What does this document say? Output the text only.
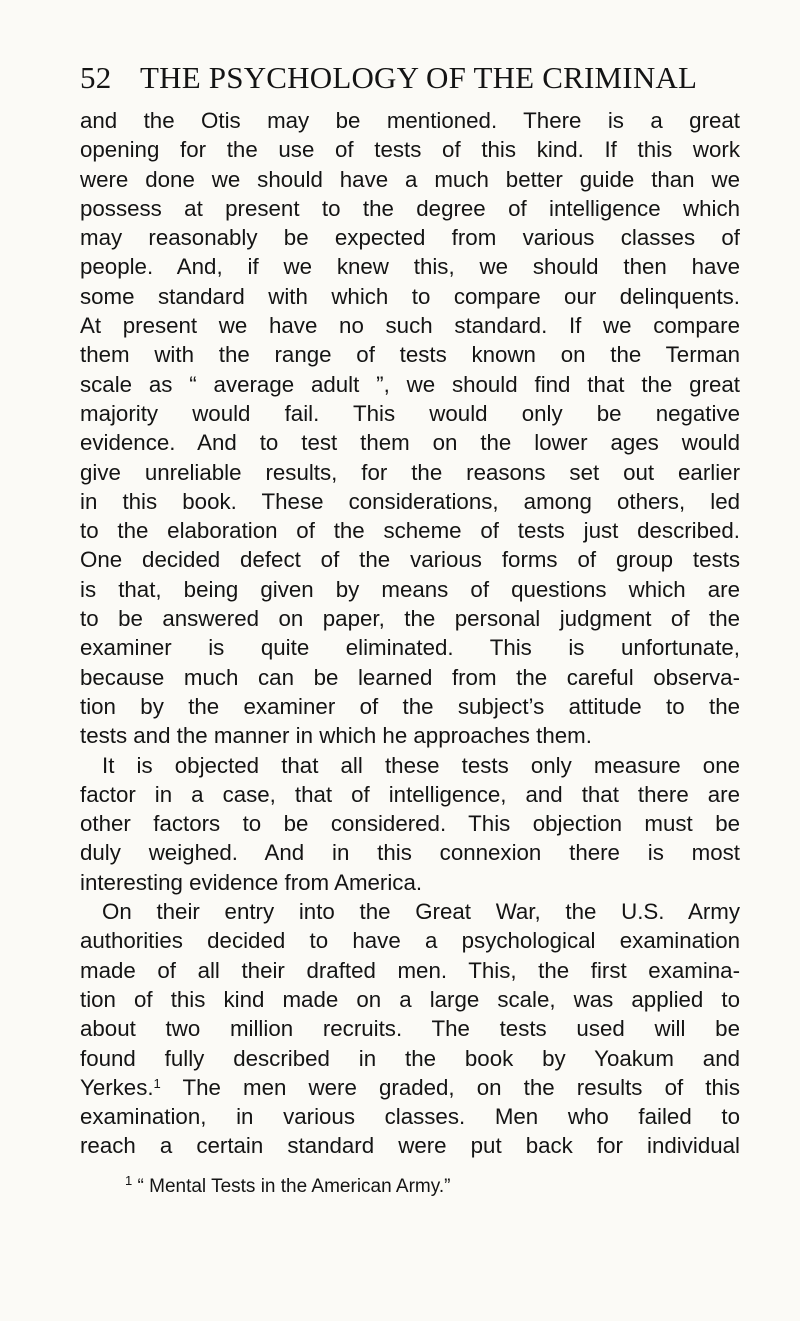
52 THE PSYCHOLOGY OF THE CRIMINAL
and the Otis may be mentioned. There is a great
opening for the use of tests of this kind. If this work
were done we should have a much better guide than we
possess at present to the degree of intelligence which
may reasonably be expected from various classes of
people. And, if we knew this, we should then have
some standard with which to compare our delinquents.
At present we have no such standard. If we compare
them with the range of tests known on the Terman
scale as “ average adult ”, we should find that the great
majority would fail. This would only be negative
evidence. And to test them on the lower ages would
give unreliable results, for the reasons set out earlier
in this book. These considerations, among others, led
to the elaboration of the scheme of tests just described.
One decided defect of the various forms of group tests
is that, being given by means of questions which are
to be answered on paper, the personal judgment of the
examiner is quite eliminated. This is unfortunate,
because much can be learned from the careful observa-
tion by the examiner of the subject’s attitude to the
tests and the manner in which he approaches them.
It is objected that all these tests only measure one
factor in a case, that of intelligence, and that there are
other factors to be considered. This objection must be
duly weighed. And in this connexion there is most
interesting evidence from America.
On their entry into the Great War, the U.S. Army
authorities decided to have a psychological examination
made of all their drafted men. This, the first examina-
tion of this kind made on a large scale, was applied to
about two million recruits. The tests used will be
found fully described in the book by Yoakum and
Yerkes.$^1$ The men were graded, on the results of this
examination, in various classes. Men who failed to
reach a certain standard were put back for individual
$^1$ “ Mental Tests in the American Army.”
